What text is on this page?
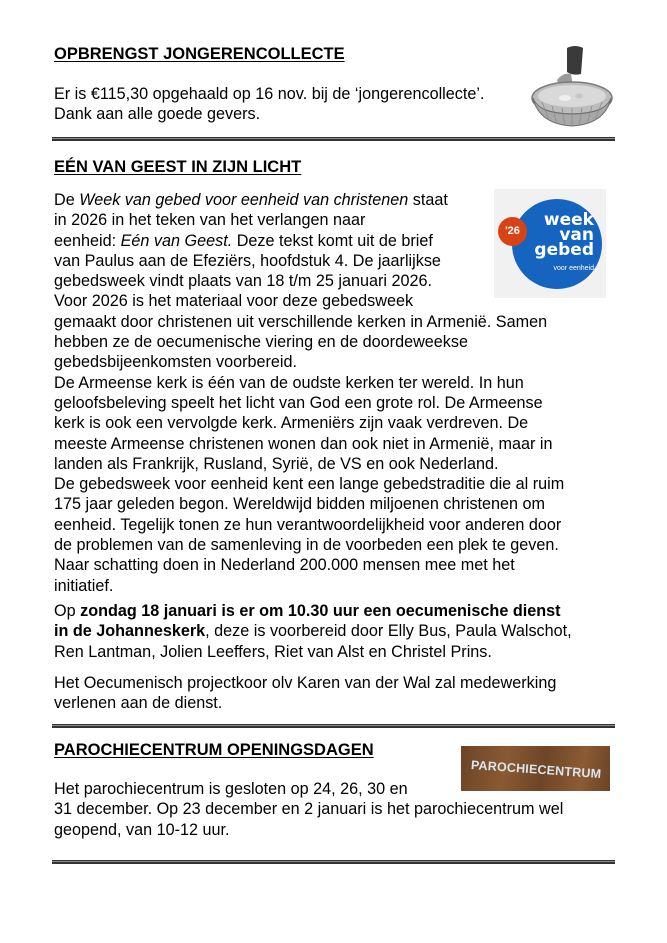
OPBRENGST JONGERENCOLLECTE
Er is €115,30 opgehaald op 16 nov. bij de ‘jongerencollecte’.
Dank aan alle goede gevers.
EÉN VAN GEEST IN ZIJN LICHT
De Week van gebed voor eenheid van christenen staat
in 2026 in het teken van het verlangen naar
eenheid: Eén van Geest. Deze tekst komt uit de brief
van Paulus aan de Efeziërs, hoofdstuk 4. De jaarlijkse
gebedsweek vindt plaats van 18 t/m 25 januari 2026.
Voor 2026 is het materiaal voor deze gebedsweek
gemaakt door christenen uit verschillende kerken in Armenië. Samen
hebben ze de oecumenische viering en de doordeweekse
gebedsbijeenkomsten voorbereid.
De Armeense kerk is één van de oudste kerken ter wereld. In hun
geloofsbeleving speelt het licht van God een grote rol. De Armeense
kerk is ook een vervolgde kerk. Armeniërs zijn vaak verdreven. De
meeste Armeense christenen wonen dan ook niet in Armenië, maar in
landen als Frankrijk, Rusland, Syrië, de VS en ook Nederland.
De gebedsweek voor eenheid kent een lange gebedstraditie die al ruim
175 jaar geleden begon. Wereldwijd bidden miljoenen christenen om
eenheid. Tegelijk tonen ze hun verantwoordelijkheid voor anderen door
de problemen van de samenleving in de voorbeden een plek te geven.
Naar schatting doen in Nederland 200.000 mensen mee met het
initiatief.
Op zondag 18 januari is er om 10.30 uur een oecumenische dienst
in de Johanneskerk, deze is voorbereid door Elly Bus, Paula Walschot,
Ren Lantman, Jolien Leeffers, Riet van Alst en Christel Prins.
Het Oecumenisch projectkoor olv Karen van der Wal zal medewerking
verlenen aan de dienst.
'26
week
van
gebed
voor eenheid
PAROCHIECENTRUM OPENINGSDAGEN
Het parochiecentrum is gesloten op 24, 26, 30 en
31 december. Op 23 december en 2 januari is het parochiecentrum wel
geopend, van 10-12 uur.
PAROCHIECENTRUM
